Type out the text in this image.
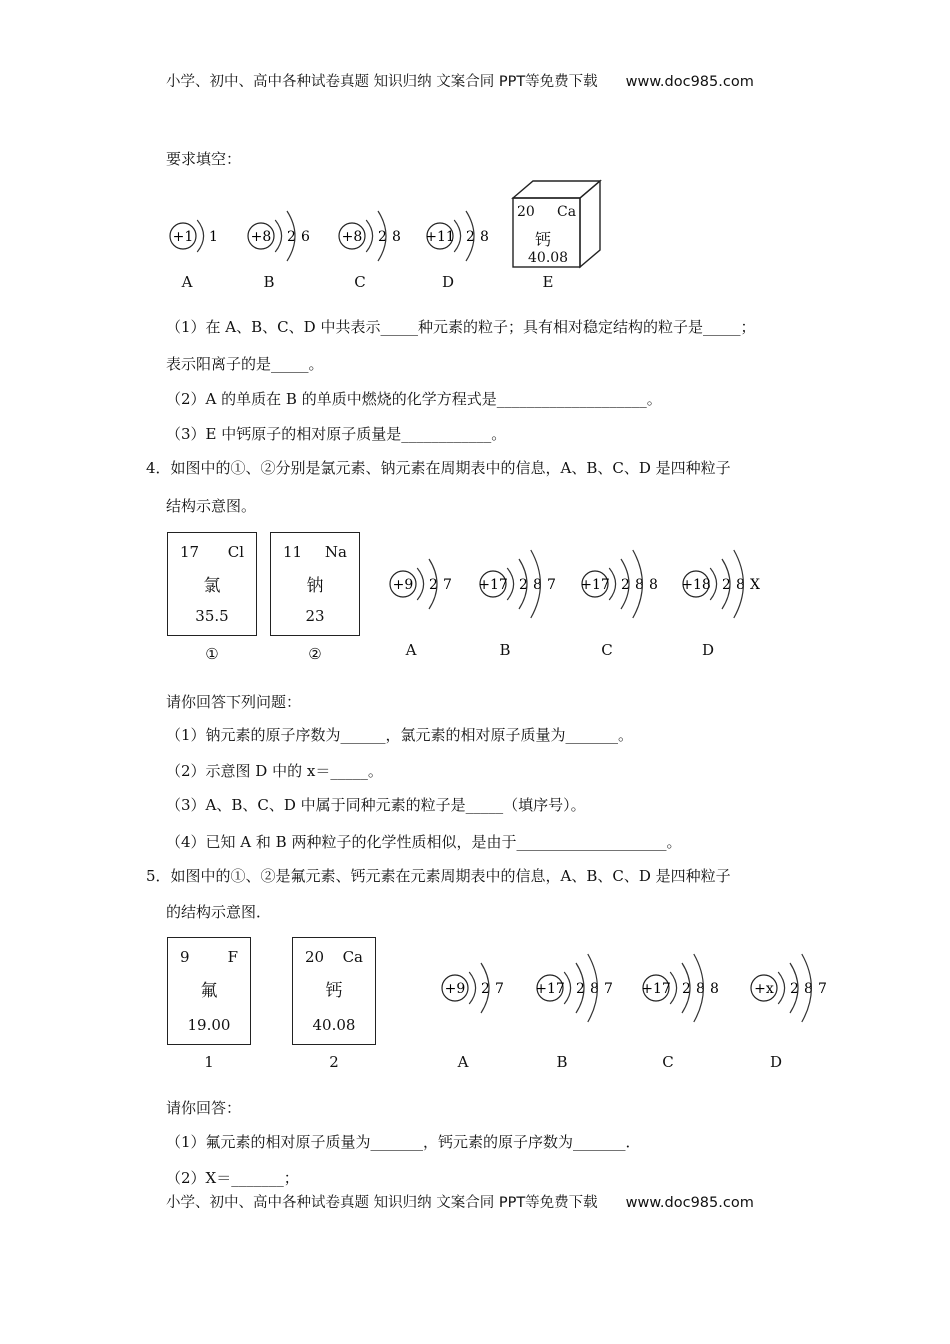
小学、初中、高中各种试卷真题 知识归纳 文案合同 PPT等免费下载 www.doc985.com
要求填空：
+1 1
A
+8 2 6
B
+8 2 8
C
+11 2 8
D
20 Ca
钙
40.08
E
（1）在 A、B、C、D 中共表示_____种元素的粒子；具有相对稳定结构的粒子是_____；
表示阳离子的是_____。
（2）A 的单质在 B 的单质中燃烧的化学方程式是____________________。
（3）E 中钙原子的相对原子质量是____________。
4．如图中的①、②分别是氯元素、钠元素在周期表中的信息，A、B、C、D 是四种粒子
结构示意图。
17 Cl
氯
35.5
①
11 Na
钠
23
②
+9 2 7
A
+17 2 8 7
B
+17 2 8 8
C
+18 2 8 X
D
请你回答下列问题：
（1）钠元素的原子序数为______，氯元素的相对原子质量为_______。
（2）示意图 D 中的 x＝_____。
（3）A、B、C、D 中属于同种元素的粒子是_____（填序号）。
（4）已知 A 和 B 两种粒子的化学性质相似，是由于____________________。
5．如图中的①、②是氟元素、钙元素在元素周期表中的信息，A、B、C、D 是四种粒子
的结构示意图．
9	F
氟
19.00
1
20 Ca
钙
40.08
2
+9 2 7
A
+17 2 8 7
B
+17 2 8 8
C
+x 2 8 7
D
请你回答：
（1）氟元素的相对原子质量为_______，钙元素的原子序数为_______．
（2）X＝_______；
小学、初中、高中各种试卷真题 知识归纳 文案合同 PPT等免费下载 www.doc985.com
